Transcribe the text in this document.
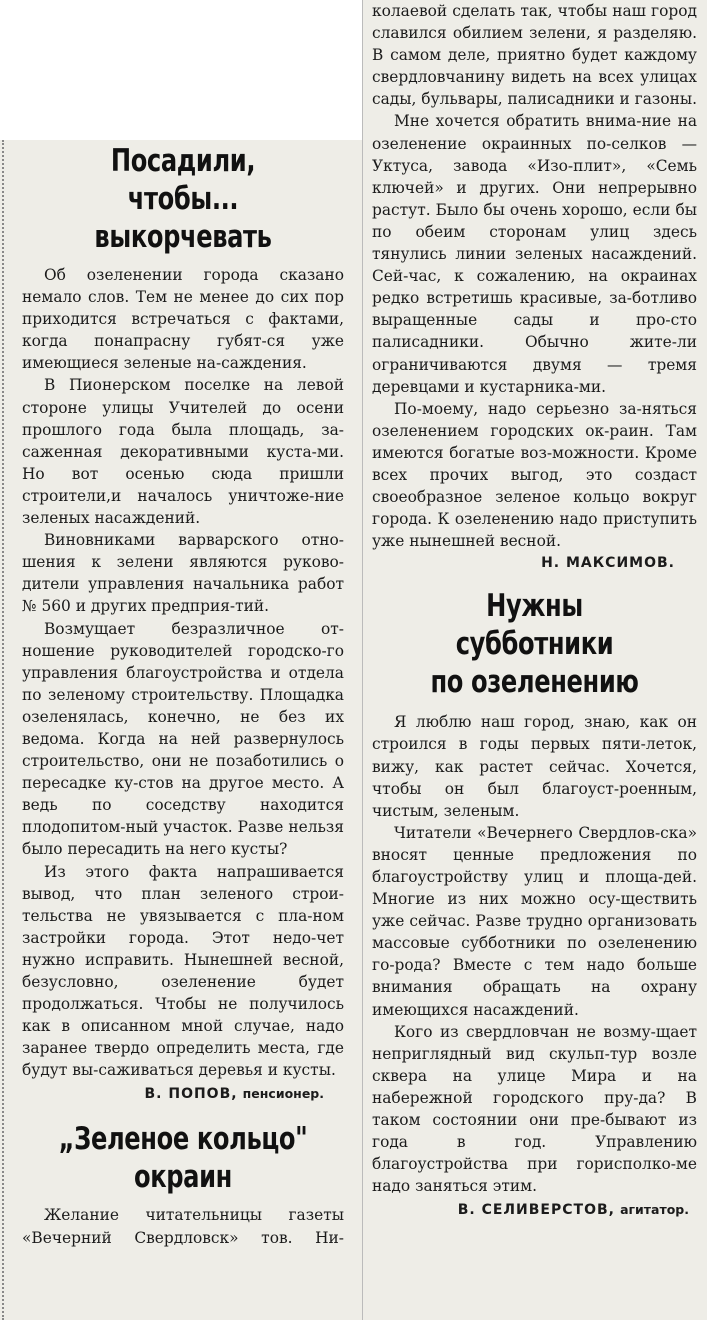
Посадили, чтобы...
выкорчевать

Об озеленении города сказано немало слов. Тем не менее до сих пор приходится встречаться с фактами, когда понапрасну губят-ся уже имеющиеся зеленые на-саждения.

В Пионерском поселке на левой стороне улицы Учителей до осени прошлого года была площадь, за-саженная декоративными куста-ми. Но вот осенью сюда пришли строители,и началось уничтоже-ние зеленых насаждений.

Виновниками варварского отно-шения к зелени являются руково-дители управления начальника работ № 560 и других предприя-тий.

Возмущает безразличное от-ношение руководителей городско-го управления благоустройства и отдела по зеленому строительству. Площадка озеленялась, конечно, не без их ведома. Когда на ней развернулось строительство, они не позаботились о пересадке ку-стов на другое место. А ведь по соседству находится плодопитом-ный участок. Разве нельзя было пересадить на него кусты?

Из этого факта напрашивается вывод, что план зеленого строи-тельства не увязывается с пла-ном застройки города. Этот недо-чет нужно исправить. Нынешней весной, безусловно, озеленение будет продолжаться. Чтобы не получилось как в описанном мной случае, надо заранее твердо определить места, где будут вы-саживаться деревья и кусты.

В. ПОПОВ, пенсионер.
„Зеленое кольцо"
окраин

Желание читательницы газеты «Вечерний Свердловск» тов. Ни-

колаевой сделать так, чтобы наш город славился обилием зелени, я разделяю. В самом деле, приятно будет каждому свердловчанину видеть на всех улицах сады, бульвары, палисадники и газоны.

Мне хочется обратить внима-ние на озеленение окраинных по-селков — Уктуса, завода «Изо-плит», «Семь ключей» и других. Они непрерывно растут. Было бы очень хорошо, если бы по обеим сторонам улиц здесь тянулись линии зеленых насаждений. Сей-час, к сожалению, на окраинах редко встретишь красивые, за-ботливо выращенные сады и про-сто палисадники. Обычно жите-ли ограничиваются двумя — тремя деревцами и кустарника-ми.

По-моему, надо серьезно за-няться озеленением городских ок-раин. Там имеются богатые воз-можности. Кроме всех прочих выгод, это создаст своеобразное зеленое кольцо вокруг города. К озеленению надо приступить уже нынешней весной.

Н. МАКСИМОВ.
Нужны субботники
по озеленению

Я люблю наш город, знаю, как он строился в годы первых пяти-леток, вижу, как растет сейчас. Хочется, чтобы он был благоуст-роенным, чистым, зеленым.

Читатели «Вечернего Свердлов-ска» вносят ценные предложения по благоустройству улиц и площа-дей. Многие из них можно осу-ществить уже сейчас. Разве трудно организовать массовые субботники по озеленению го-рода? Вместе с тем надо больше внимания обращать на охрану имеющихся насаждений.

Кого из свердловчан не возму-щает неприглядный вид скульп-тур возле сквера на улице Мира и на набережной городского пру-да? В таком состоянии они пре-бывают из года в год. Управлению благоустройства при горисполко-ме надо заняться этим.

В. СЕЛИВЕРСТОВ, агитатор.
